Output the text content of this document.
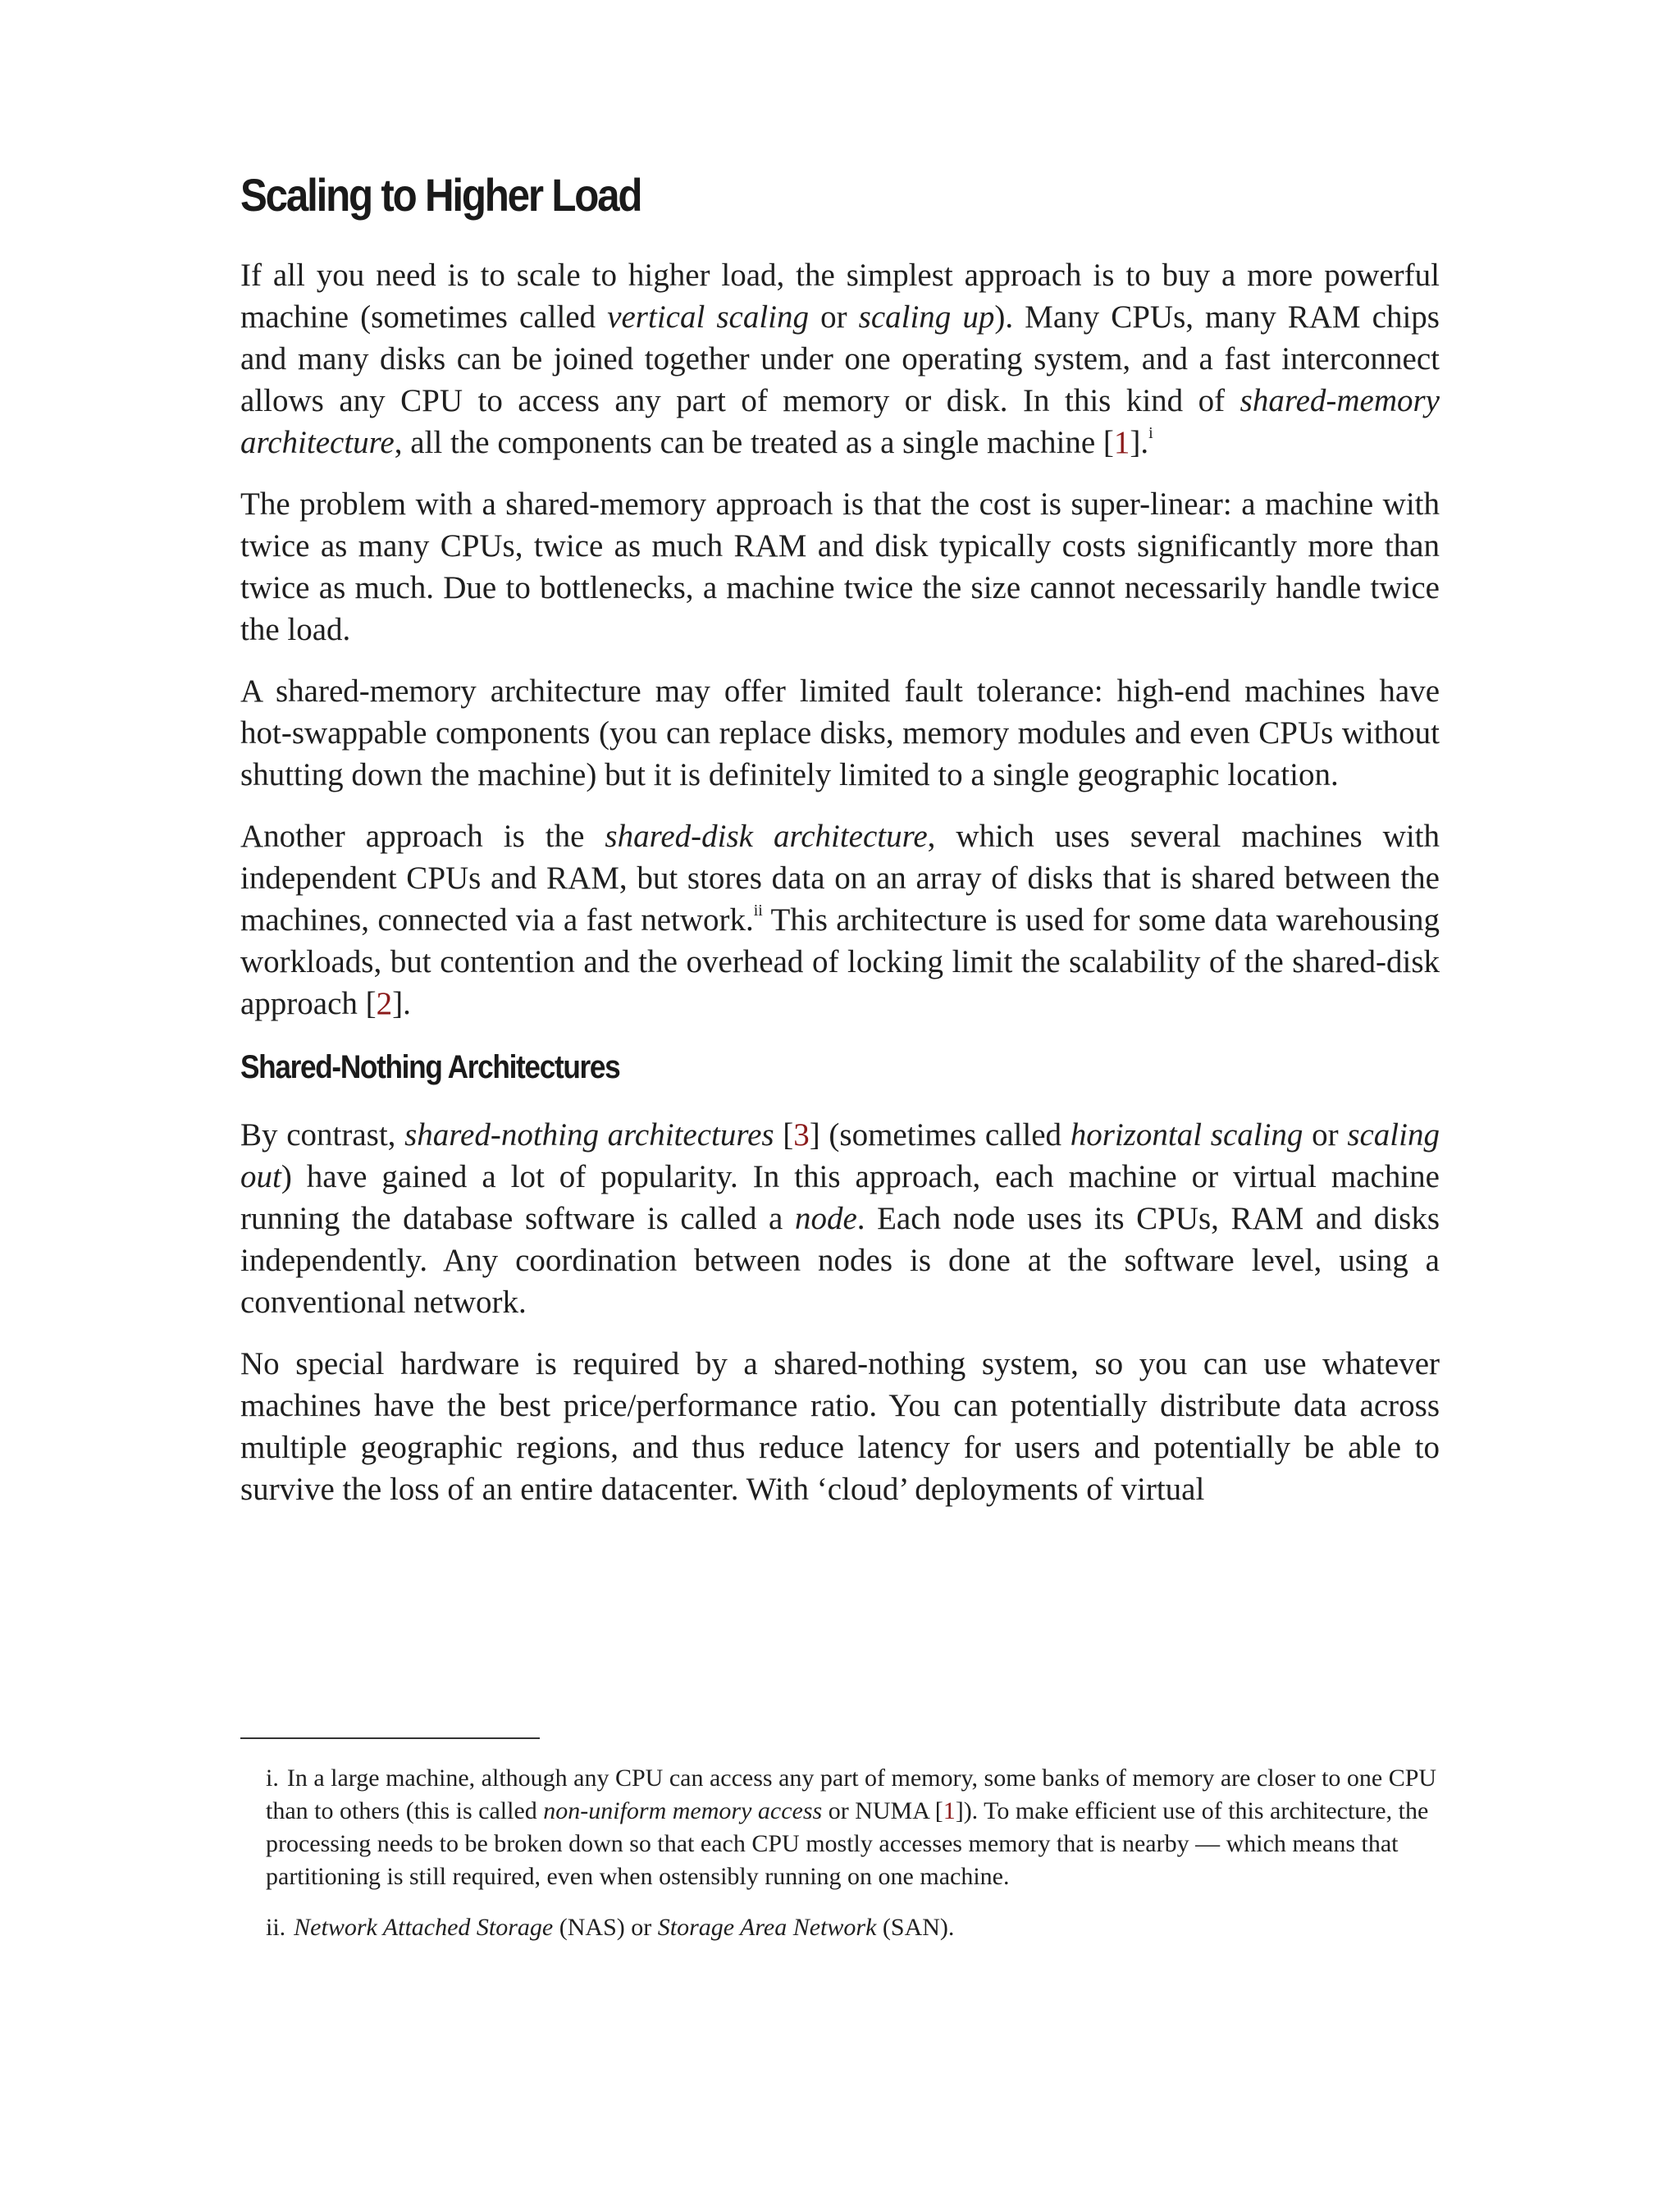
Scaling to Higher Load

If all you need is to scale to higher load, the simplest approach is to buy a more powerful machine (sometimes called vertical scaling or scaling up). Many CPUs, many RAM chips and many disks can be joined together under one operating system, and a fast interconnect allows any CPU to access any part of memory or disk. In this kind of shared-memory architecture, all the components can be treated as a single machine [1].$^i$

The problem with a shared-memory approach is that the cost is super-linear: a machine with twice as many CPUs, twice as much RAM and disk typically costs significantly more than twice as much. Due to bottlenecks, a machine twice the size cannot necessarily handle twice the load.

A shared-memory architecture may offer limited fault tolerance: high-end machines have hot-swappable components (you can replace disks, memory modules and even CPUs without shutting down the machine) but it is definitely limited to a single geographic location.

Another approach is the shared-disk architecture, which uses several machines with independent CPUs and RAM, but stores data on an array of disks that is shared between the machines, connected via a fast network.$^{ii}$ This architecture is used for some data warehousing workloads, but contention and the overhead of locking limit the scalability of the shared-disk approach [2].

Shared-Nothing Architectures

By contrast, shared-nothing architectures [3] (sometimes called horizontal scaling or scaling out) have gained a lot of popularity. In this approach, each machine or virtual machine running the database software is called a node. Each node uses its CPUs, RAM and disks independently. Any coordination between nodes is done at the software level, using a conventional network.

No special hardware is required by a shared-nothing system, so you can use whatever machines have the best price/performance ratio. You can potentially distribute data across multiple geographic regions, and thus reduce latency for users and potentially be able to survive the loss of an entire datacenter. With ‘cloud’ deployments of virtual

i. In a large machine, although any CPU can access any part of memory, some banks of memory are closer to one CPU than to others (this is called non-uniform memory access or NUMA [1]). To make efficient use of this architecture, the processing needs to be broken down so that each CPU mostly accesses memory that is nearby — which means that partitioning is still required, even when ostensibly running on one machine.

ii. Network Attached Storage (NAS) or Storage Area Network (SAN).
